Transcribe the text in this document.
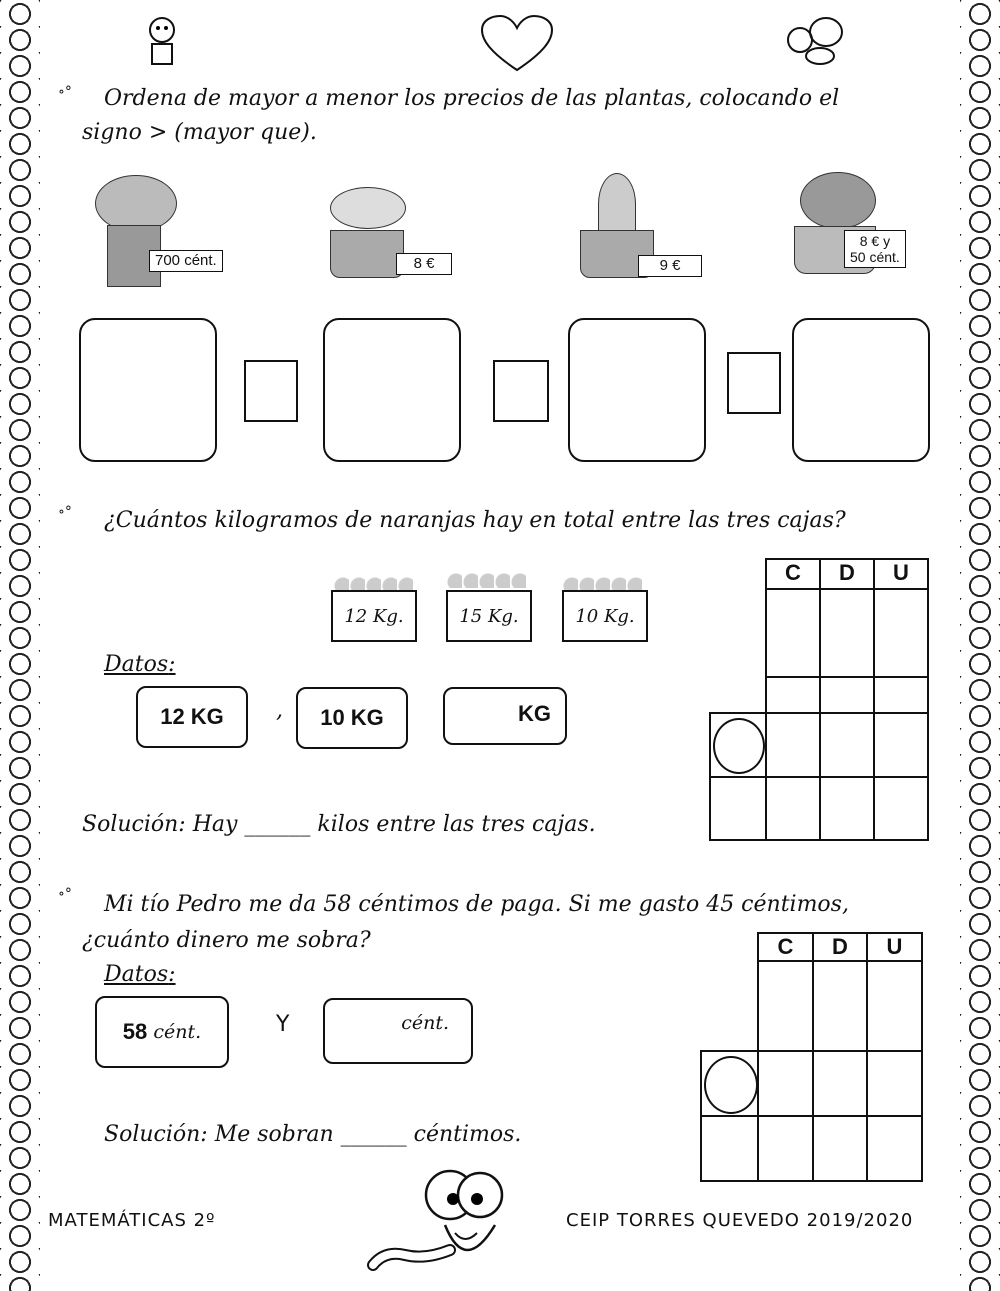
∘° Ordena de mayor a menor los precios de las plantas, colocando el
signo > (mayor que).
700 cént.	8 €	9 €
8 € y
50 cént.
∘° ¿Cuántos kilogramos de naranjas hay en total entre las tres cajas?
12 Kg.	15 Kg.	10 Kg.
Datos:
12 KG	,	10 KG	KG
Solución: Hay ______ kilos entre las tres cajas.
C	D	U
∘° Mi tío Pedro me da 58 céntimos de paga. Si me gasto 45 céntimos,
¿cuánto dinero me sobra?
Datos:
58
cént.	Y	cént.
Solución: Me sobran ______ céntimos.
C	D	U
MATEMÁTICAS 2º	CEIP TORRES QUEVEDO 2019/2020
